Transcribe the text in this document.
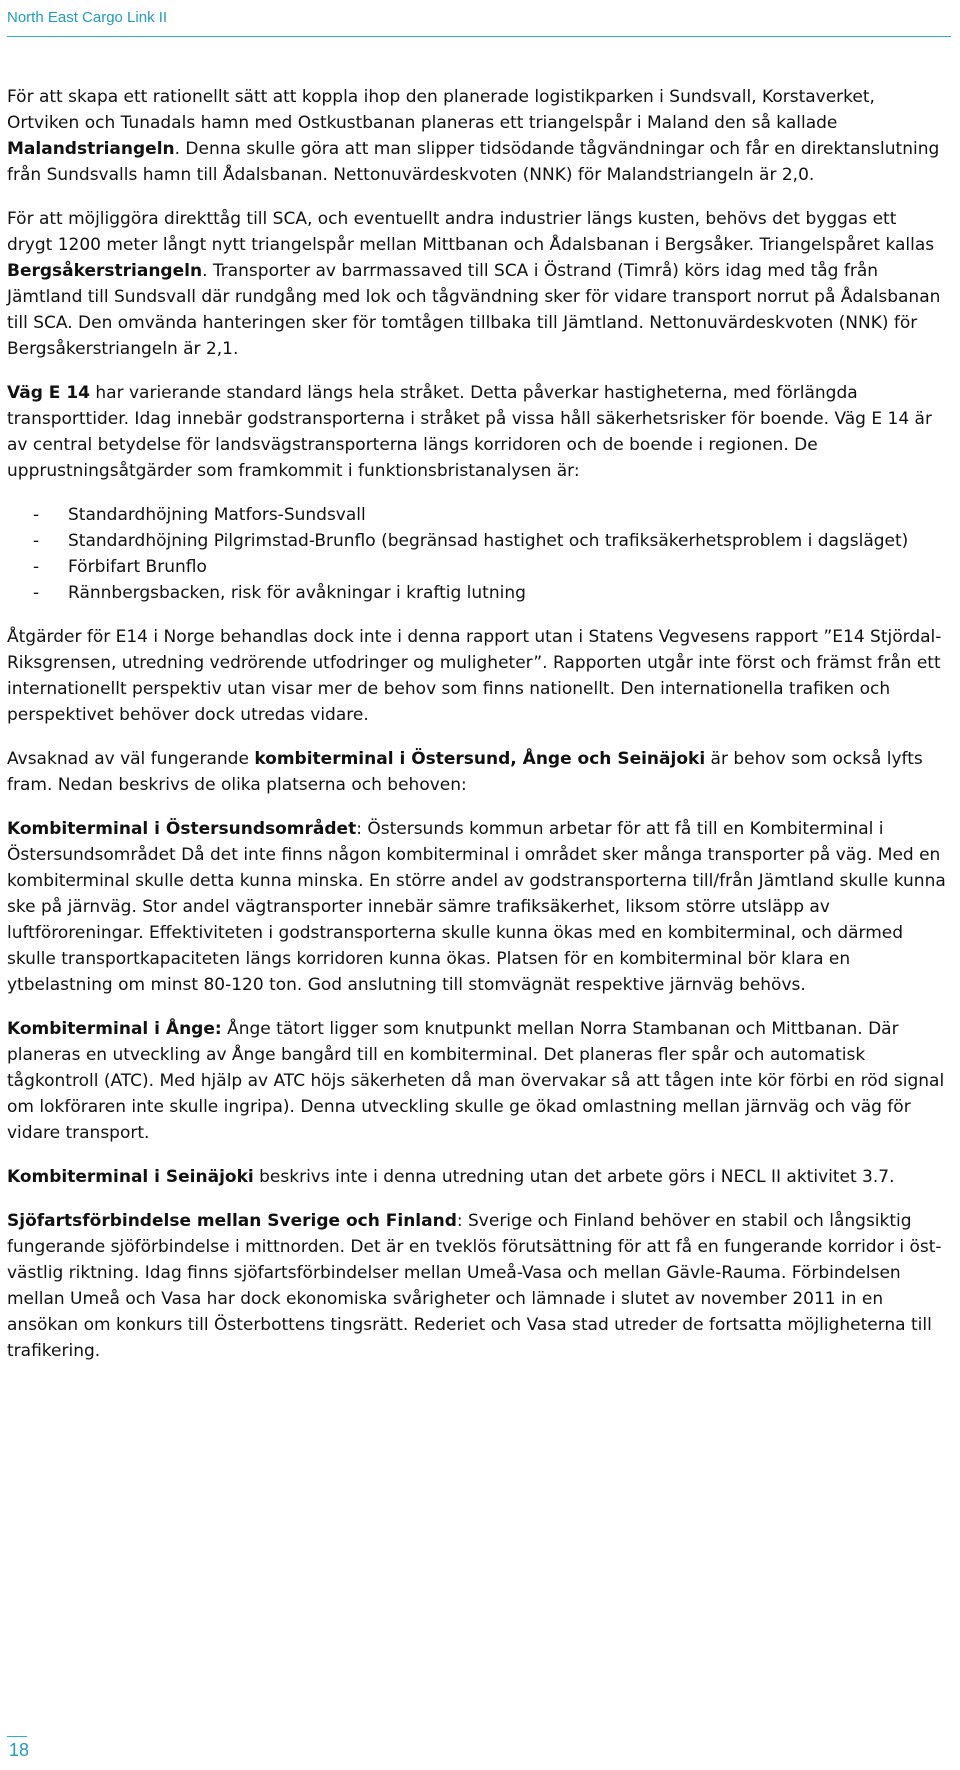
North East Cargo Link II

För att skapa ett rationellt sätt att koppla ihop den planerade logistikparken i Sundsvall, Korstaverket, Ortviken och Tunadals hamn med Ostkustbanan planeras ett triangelspår i Maland den så kallade Malandstriangeln. Denna skulle göra att man slipper tidsödande tågvändningar och får en direktanslutning från Sundsvalls hamn till Ådalsbanan. Nettonuvärdeskvoten (NNK) för Malandstriangeln är 2,0.

För att möjliggöra direkttåg till SCA, och eventuellt andra industrier längs kusten, behövs det byggas ett drygt 1200 meter långt nytt triangelspår mellan Mittbanan och Ådalsbanan i Bergsåker. Triangelspåret kallas Bergsåkerstriangeln. Transporter av barrmassaved till SCA i Östrand (Timrå) körs idag med tåg från Jämtland till Sundsvall där rundgång med lok och tågvändning sker för vidare transport norrut på Ådalsbanan till SCA. Den omvända hanteringen sker för tomtågen tillbaka till Jämtland. Nettonuvärdeskvoten (NNK) för Bergsåkerstriangeln är 2,1.

Väg E 14 har varierande standard längs hela stråket. Detta påverkar hastigheterna, med förlängda transporttider. Idag innebär godstransporterna i stråket på vissa håll säkerhetsrisker för boende. Väg E 14 är av central betydelse för landsvägstransporterna längs korridoren och de boende i regionen. De upprustningsåtgärder som framkommit i funktionsbristanalysen är:

- Standardhöjning Matfors-Sundsvall
- Standardhöjning Pilgrimstad-Brunflo (begränsad hastighet och trafiksäkerhetsproblem i dagsläget)
- Förbifart Brunflo
- Rännbergsbacken, risk för avåkningar i kraftig lutning

Åtgärder för E14 i Norge behandlas dock inte i denna rapport utan i Statens Vegvesens rapport ”E14 Stjördal-Riksgrensen, utredning vedrörende utfodringer og muligheter”. Rapporten utgår inte först och främst från ett internationellt perspektiv utan visar mer de behov som finns nationellt. Den internationella trafiken och perspektivet behöver dock utredas vidare.

Avsaknad av väl fungerande kombiterminal i Östersund, Ånge och Seinäjoki är behov som också lyfts fram. Nedan beskrivs de olika platserna och behoven:

Kombiterminal i Östersundsområdet: Östersunds kommun arbetar för att få till en Kombiterminal i Östersundsområdet Då det inte finns någon kombiterminal i området sker många transporter på väg. Med en kombiterminal skulle detta kunna minska. En större andel av godstransporterna till/från Jämtland skulle kunna ske på järnväg. Stor andel vägtransporter innebär sämre trafiksäkerhet, liksom större utsläpp av luftföroreningar. Effektiviteten i godstransporterna skulle kunna ökas med en kombiterminal, och därmed skulle transportkapaciteten längs korridoren kunna ökas. Platsen för en kombiterminal bör klara en ytbelastning om minst 80-120 ton. God anslutning till stomvägnät respektive järnväg behövs.

Kombiterminal i Ånge: Ånge tätort ligger som knutpunkt mellan Norra Stambanan och Mittbanan. Där planeras en utveckling av Ånge bangård till en kombiterminal. Det planeras fler spår och automatisk tågkontroll (ATC). Med hjälp av ATC höjs säkerheten då man övervakar så att tågen inte kör förbi en röd signal om lokföraren inte skulle ingripa). Denna utveckling skulle ge ökad omlastning mellan järnväg och väg för vidare transport.

Kombiterminal i Seinäjoki beskrivs inte i denna utredning utan det arbete görs i NECL II aktivitet 3.7.

Sjöfartsförbindelse mellan Sverige och Finland: Sverige och Finland behöver en stabil och långsiktig fungerande sjöförbindelse i mittnorden. Det är en tveklös förutsättning för att få en fungerande korridor i öst-västlig riktning. Idag finns sjöfartsförbindelser mellan Umeå-Vasa och mellan Gävle-Rauma. Förbindelsen mellan Umeå och Vasa har dock ekonomiska svårigheter och lämnade i slutet av november 2011 in en ansökan om konkurs till Österbottens tingsrätt. Rederiet och Vasa stad utreder de fortsatta möjligheterna till trafikering.

18
